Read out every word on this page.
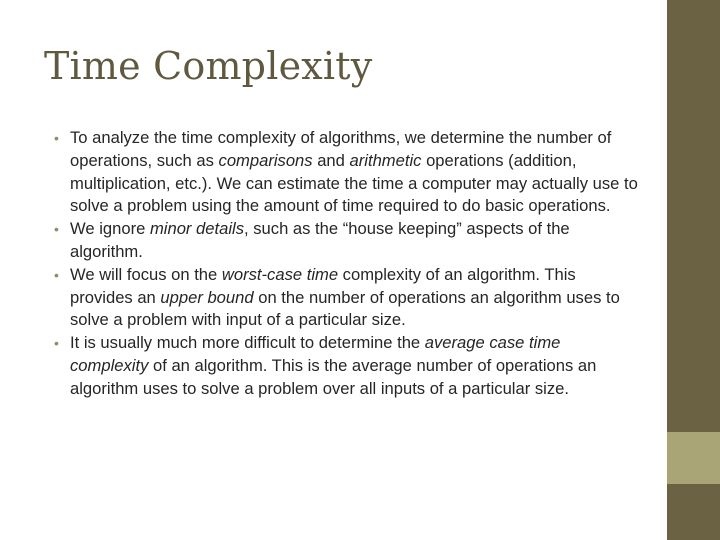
Time Complexity
• To analyze the time complexity of algorithms, we determine the number of operations, such as comparisons and arithmetic operations (addition, multiplication, etc.). We can estimate the time a computer may actually use to solve a problem using the amount of time required to do basic operations.
• We ignore minor details, such as the “house keeping” aspects of the algorithm.
• We will focus on the worst-case time complexity of an algorithm. This provides an upper bound on the number of operations an algorithm uses to solve a problem with input of a particular size.
• It is usually much more difficult to determine the average case time complexity of an algorithm. This is the average number of operations an algorithm uses to solve a problem over all inputs of a particular size.
